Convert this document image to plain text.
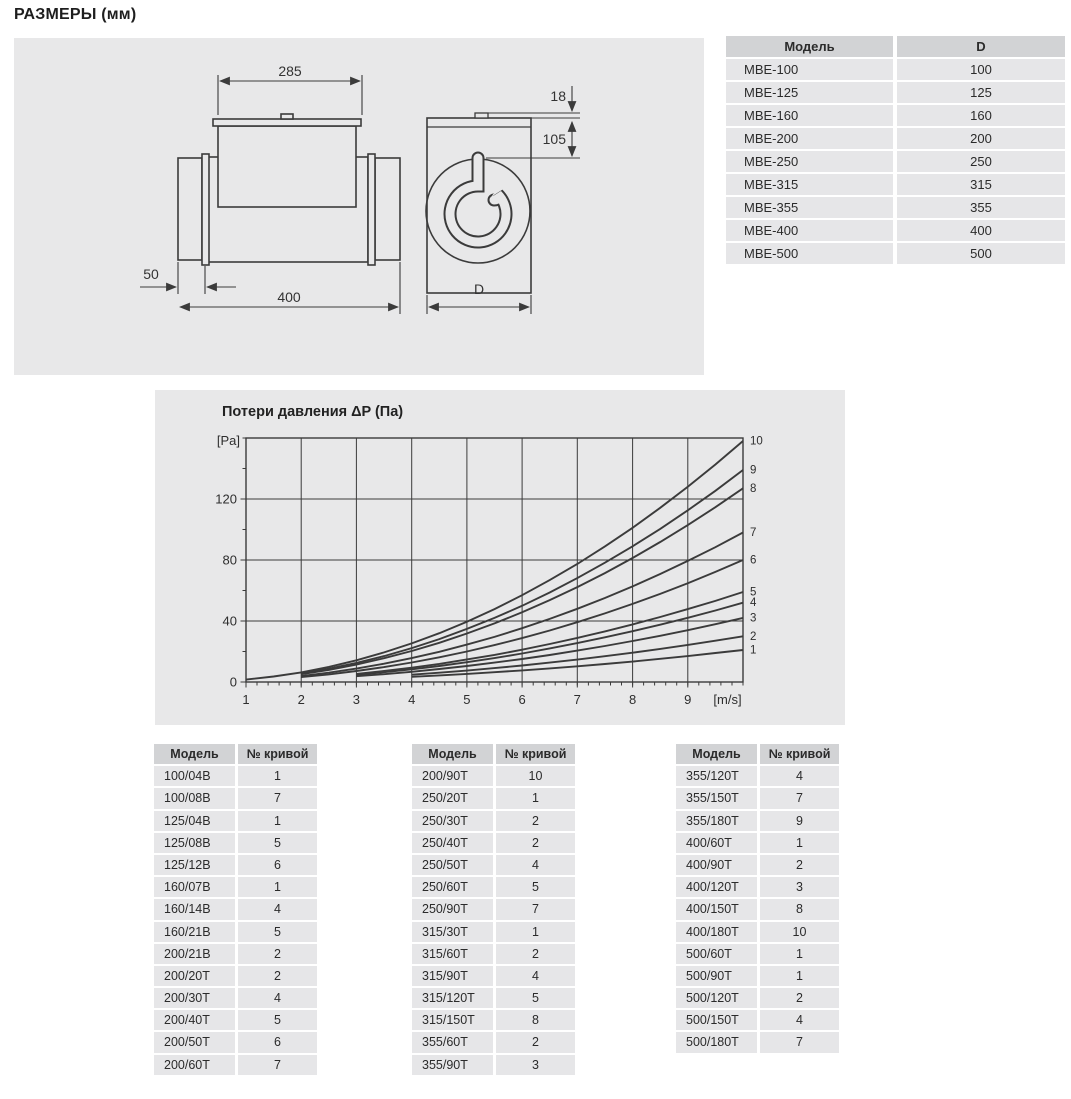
РАЗМЕРЫ (мм)
285
50
400
18
105
D
Модель	D
МВЕ-100	100
МВЕ-125	125
МВЕ-160	160
МВЕ-200	200
МВЕ-250	250
МВЕ-315	315
МВЕ-355	355
МВЕ-400	400
МВЕ-500	500
Потери давления ΔP (Па)
1	2	3	4	5	6	7	8	9
0
40
80
120
1
2
3
4
5
6
7
8
9
10
[Pa]
[m/s]
Модель	№ кривой
100/04B	1
100/08B	7
125/04B	1
125/08B	5
125/12B	6
160/07B	1
160/14B	4
160/21B	5
200/21B	2
200/20T	2
200/30T	4
200/40T	5
200/50T	6
200/60T	7
Модель	№ кривой
200/90T	10
250/20T	1
250/30T	2
250/40T	2
250/50T	4
250/60T	5
250/90T	7
315/30T	1
315/60T	2
315/90T	4
315/120T	5
315/150T	8
355/60T	2
355/90T	3
Модель	№ кривой
355/120T	4
355/150T	7
355/180T	9
400/60T	1
400/90T	2
400/120T	3
400/150T	8
400/180T	10
500/60T	1
500/90T	1
500/120T	2
500/150T	4
500/180T	7
